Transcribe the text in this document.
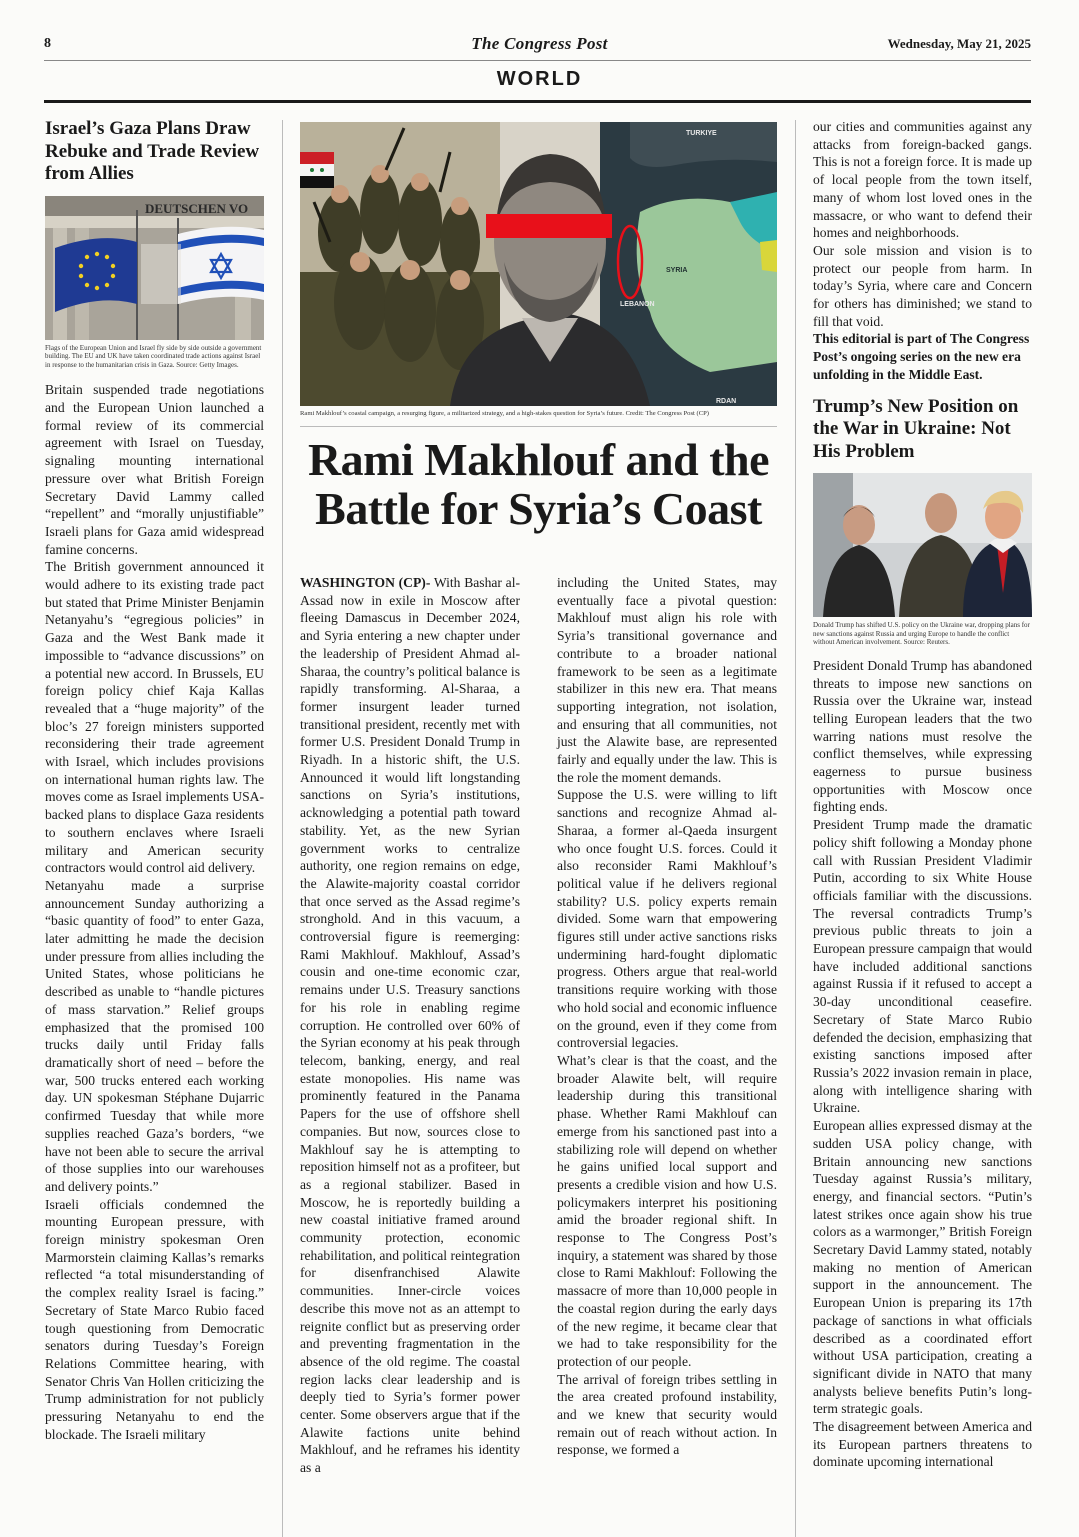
8	The Congress Post	Wednesday, May 21, 2025
WORLD
Israel’s Gaza Plans Draw Rebuke and Trade Review from Allies
DEUTSCHEN VO
Flags of the European Union and Israel fly side by side outside a government building. The EU and UK have taken coordinated trade actions against Israel in response to the humanitarian crisis in Gaza. Source: Getty Images.

Britain suspended trade negotiations and the European Union launched a formal review of its commercial agreement with Israel on Tuesday, signaling mounting international pressure over what British Foreign Secretary David Lammy called “repellent” and “morally unjustifiable” Israeli plans for Gaza amid widespread famine concerns.

The British government announced it would adhere to its existing trade pact but stated that Prime Minister Benjamin Netanyahu’s “egregious policies” in Gaza and the West Bank made it impossible to “advance discussions” on a potential new accord. In Brussels, EU foreign policy chief Kaja Kallas revealed that a “huge majority” of the bloc’s 27 foreign ministers supported reconsidering their trade agreement with Israel, which includes provisions on international human rights law. The moves come as Israel implements USA-backed plans to displace Gaza residents to southern enclaves where Israeli military and American security contractors would control aid delivery.

Netanyahu made a surprise announcement Sunday authorizing a “basic quantity of food” to enter Gaza, later admitting he made the decision under pressure from allies including the United States, whose politicians he described as unable to “handle pictures of mass starvation.” Relief groups emphasized that the promised 100 trucks daily until Friday falls dramatically short of need – before the war, 500 trucks entered each working day. UN spokesman Stéphane Dujarric confirmed Tuesday that while more supplies reached Gaza’s borders, “we have not been able to secure the arrival of those supplies into our warehouses and delivery points.”

Israeli officials condemned the mounting European pressure, with foreign ministry spokesman Oren Marmorstein claiming Kallas’s remarks reflected “a total misunderstanding of the complex reality Israel is facing.” Secretary of State Marco Rubio faced tough questioning from Democratic senators during Tuesday’s Foreign Relations Committee hearing, with Senator Chris Van Hollen criticizing the Trump administration for not publicly pressuring Netanyahu to end the blockade. The Israeli military

TURKIYE
SYRIA
LEBANON
RDAN
Rami Makhlouf’s coastal campaign, a resurging figure, a militarized strategy, and a high-stakes question for Syria’s future. Credit: The Congress Post (CP)
Rami Makhlouf and the Battle for Syria’s Coast

WASHINGTON (CP)- With Bashar al-Assad now in exile in Moscow after fleeing Damascus in December 2024, and Syria entering a new chapter under the leadership of President Ahmad al-Sharaa, the country’s political balance is rapidly transforming. Al-Sharaa, a former insurgent leader turned transitional president, recently met with former U.S. President Donald Trump in Riyadh. In a historic shift, the U.S. Announced it would lift longstanding sanctions on Syria’s institutions, acknowledging a potential path toward stability. Yet, as the new Syrian government works to centralize authority, one region remains on edge, the Alawite-majority coastal corridor that once served as the Assad regime’s stronghold. And in this vacuum, a controversial figure is reemerging: Rami Makhlouf. Makhlouf, Assad’s cousin and one-time economic czar, remains under U.S. Treasury sanctions for his role in enabling regime corruption. He controlled over 60% of the Syrian economy at his peak through telecom, banking, energy, and real estate monopolies. His name was prominently featured in the Panama Papers for the use of offshore shell companies. But now, sources close to Makhlouf say he is attempting to reposition himself not as a profiteer, but as a regional stabilizer. Based in Moscow, he is reportedly building a new coastal initiative framed around community protection, economic rehabilitation, and political reintegration for disenfranchised Alawite communities. Inner-circle voices describe this move not as an attempt to reignite conflict but as preserving order and preventing fragmentation in the absence of the old regime. The coastal region lacks clear leadership and is deeply tied to Syria’s former power center. Some observers argue that if the Alawite factions unite behind Makhlouf, and he reframes his identity as a

including the United States, may eventually face a pivotal question: Makhlouf must align his role with Syria’s transitional governance and contribute to a broader national framework to be seen as a legitimate stabilizer in this new era. That means supporting integration, not isolation, and ensuring that all communities, not just the Alawite base, are represented fairly and equally under the law. This is the role the moment demands.

Suppose the U.S. were willing to lift sanctions and recognize Ahmad al-Sharaa, a former al-Qaeda insurgent who once fought U.S. forces. Could it also reconsider Rami Makhlouf’s political value if he delivers regional stability? U.S. policy experts remain divided. Some warn that empowering figures still under active sanctions risks undermining hard-fought diplomatic progress. Others argue that real-world transitions require working with those who hold social and economic influence on the ground, even if they come from controversial legacies.

What’s clear is that the coast, and the broader Alawite belt, will require leadership during this transitional phase. Whether Rami Makhlouf can emerge from his sanctioned past into a stabilizing role will depend on whether he gains unified local support and presents a credible vision and how U.S. policymakers interpret his positioning amid the broader regional shift. In response to The Congress Post’s inquiry, a statement was shared by those close to Rami Makhlouf: Following the massacre of more than 10,000 people in the coastal region during the early days of the new regime, it became clear that we had to take responsibility for the protection of our people.

The arrival of foreign tribes settling in the area created profound instability, and we knew that security would remain out of reach without action. In response, we formed a

our cities and communities against any attacks from foreign-backed gangs. This is not a foreign force. It is made up of local people from the town itself, many of whom lost loved ones in the massacre, or who want to defend their homes and neighborhoods.

Our sole mission and vision is to protect our people from harm. In today’s Syria, where care and Concern for others has diminished; we stand to fill that void.

This editorial is part of The Congress Post’s ongoing series on the new era unfolding in the Middle East.

Trump’s New Position on the War in Ukraine: Not His Problem
Donald Trump has shifted U.S. policy on the Ukraine war, dropping plans for new sanctions against Russia and urging Europe to handle the conflict without American involvement. Source: Reuters.

President Donald Trump has abandoned threats to impose new sanctions on Russia over the Ukraine war, instead telling European leaders that the two warring nations must resolve the conflict themselves, while expressing eagerness to pursue business opportunities with Moscow once fighting ends.

President Trump made the dramatic policy shift following a Monday phone call with Russian President Vladimir Putin, according to six White House officials familiar with the discussions. The reversal contradicts Trump’s previous public threats to join a European pressure campaign that would have included additional sanctions against Russia if it refused to accept a 30-day unconditional ceasefire. Secretary of State Marco Rubio defended the decision, emphasizing that existing sanctions imposed after Russia’s 2022 invasion remain in place, along with intelligence sharing with Ukraine.

European allies expressed dismay at the sudden USA policy change, with Britain announcing new sanctions Tuesday against Russia’s military, energy, and financial sectors. “Putin’s latest strikes once again show his true colors as a warmonger,” British Foreign Secretary David Lammy stated, notably making no mention of American support in the announcement. The European Union is preparing its 17th package of sanctions in what officials described as a coordinated effort without USA participation, creating a significant divide in NATO that many analysts believe benefits Putin’s long-term strategic goals.

The disagreement between America and its European partners threatens to dominate upcoming international
